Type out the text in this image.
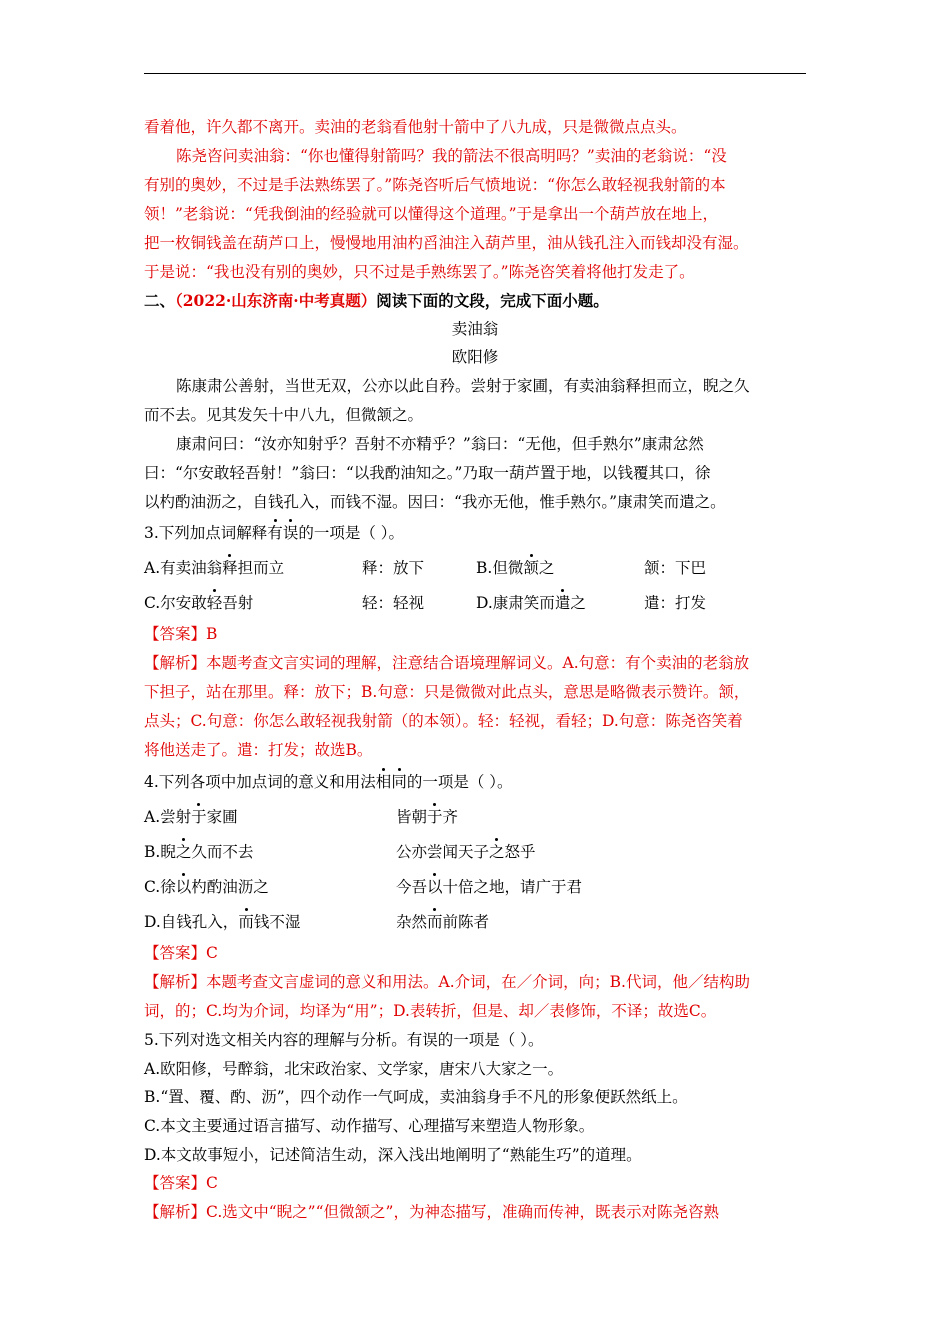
看着他，许久都不离开。卖油的老翁看他射十箭中了八九成，只是微微点点头。
陈尧咨问卖油翁：“你也懂得射箭吗？我的箭法不很高明吗？”卖油的老翁说：“没
有别的奥妙，不过是手法熟练罢了。”陈尧咨听后气愤地说：“你怎么敢轻视我射箭的本
领！”老翁说：“凭我倒油的经验就可以懂得这个道理。”于是拿出一个葫芦放在地上，
把一枚铜钱盖在葫芦口上，慢慢地用油杓舀油注入葫芦里，油从钱孔注入而钱却没有湿。
于是说：“我也没有别的奥妙，只不过是手熟练罢了。”陈尧咨笑着将他打发走了。
二、（2022·山东济南·中考真题）阅读下面的文段，完成下面小题。
卖油翁
欧阳修
陈康肃公善射，当世无双，公亦以此自矜。尝射于家圃，有卖油翁释担而立，睨之久
而不去。见其发矢十中八九，但微颔之。
康肃问曰：“汝亦知射乎？吾射不亦精乎？”翁曰：“无他，但手熟尔”康肃忿然
曰：“尔安敢轻吾射！”翁曰：“以我酌油知之。”乃取一葫芦置于地，以钱覆其口，徐
以杓酌油沥之，自钱孔入，而钱不湿。因曰：“我亦无他，惟手熟尔。”康肃笑而遣之。
3.下列加点词解释有误的一项是（ ）。
A.有卖油翁释担而立	释：放下	B.但微颔之	颔：下巴
C.尔安敢轻吾射	轻：轻视	D.康肃笑而遣之	遣：打发
【答案】B
【解析】本题考查文言实词的理解，注意结合语境理解词义。A.句意：有个卖油的老翁放
下担子，站在那里。释：放下；B.句意：只是微微对此点头，意思是略微表示赞许。颔，
点头；C.句意：你怎么敢轻视我射箭（的本领）。轻：轻视，看轻；D.句意：陈尧咨笑着
将他送走了。遣：打发；故选B。
4.下列各项中加点词的意义和用法相同的一项是（ ）。
A.尝射于家圃	皆朝于齐
B.睨之久而不去	公亦尝闻天子之怒乎
C.徐以杓酌油沥之	今吾以十倍之地，请广于君
D.自钱孔入，而钱不湿	杂然而前陈者
【答案】C
【解析】本题考查文言虚词的意义和用法。A.介词，在／介词，向；B.代词，他／结构助
词，的；C.均为介词，均译为“用”；D.表转折，但是、却／表修饰，不译；故选C。
5.下列对选文相关内容的理解与分析。有误的一项是（ ）。
A.欧阳修，号醉翁，北宋政治家、文学家，唐宋八大家之一。
B.“置、覆、酌、沥”，四个动作一气呵成，卖油翁身手不凡的形象便跃然纸上。
C.本文主要通过语言描写、动作描写、心理描写来塑造人物形象。
D.本文故事短小，记述简洁生动，深入浅出地阐明了“熟能生巧”的道理。
【答案】C
【解析】C.选文中“睨之”“但微颔之”，为神态描写，准确而传神，既表示对陈尧咨熟
